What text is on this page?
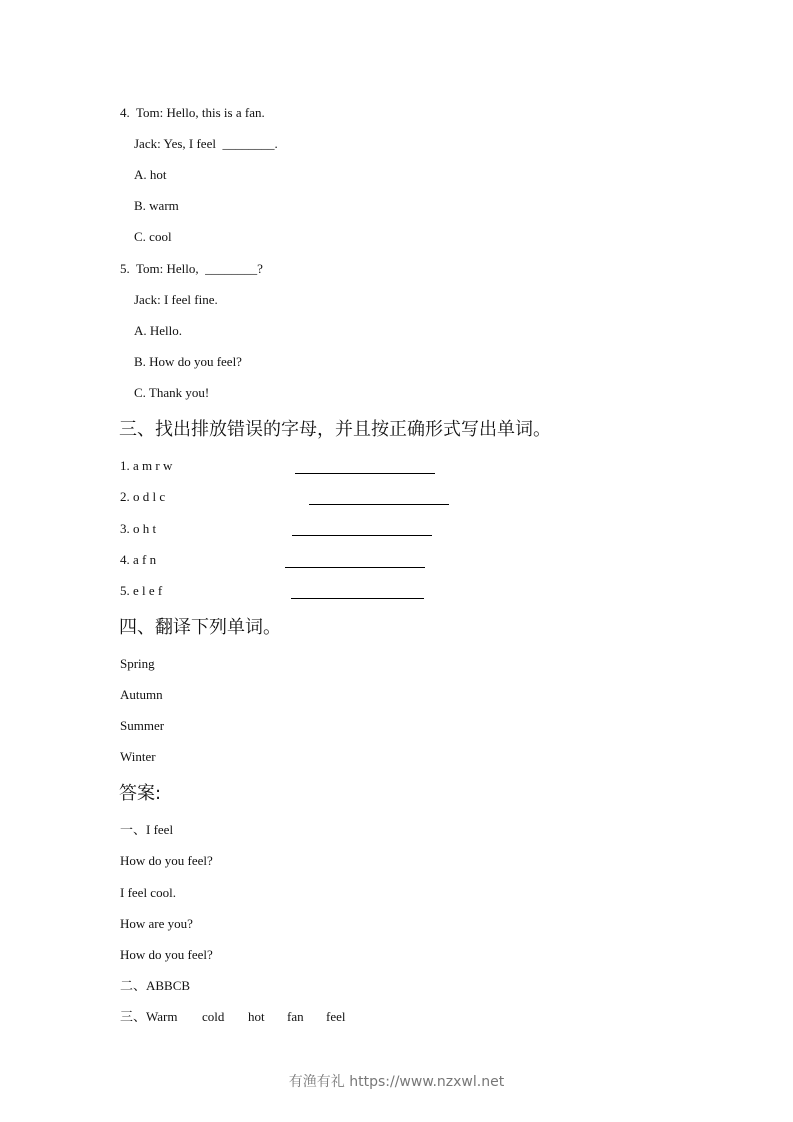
4.  Tom: Hello, this is a fan.
Jack: Yes, I feel  ________.
A. hot
B. warm
C. cool
5.  Tom: Hello,  ________?
Jack: I feel fine.
A. Hello.
B. How do you feel?
C. Thank you!
三、找出排放错误的字母，并且按正确形式写出单词。
1. a m r w
2. o d l c
3. o h t
4. a f n
5. e l e f
四、翻译下列单词。
Spring
Autumn
Summer
Winter
答案:
一、I feel
How do you feel?
I feel cool.
How are you?
How do you feel?
二、ABBCB
三、Warm cold hot fan feel
有渔有礼 https://www.nzxwl.net
